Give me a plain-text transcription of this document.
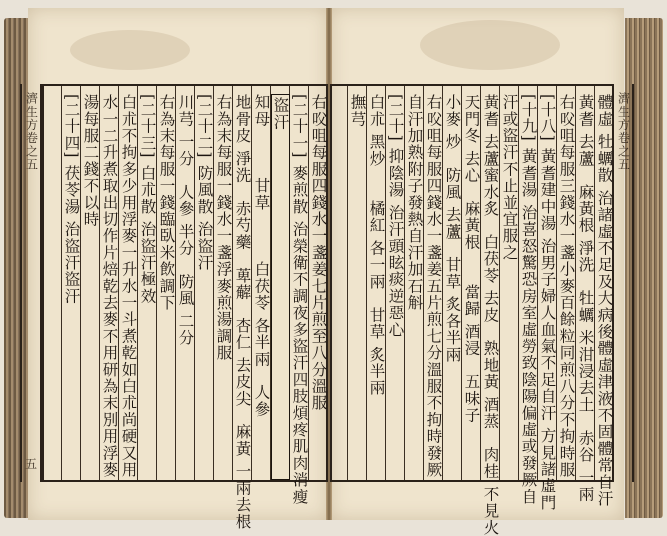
右㕮咀每服四錢水一盞姜七片煎至八分溫服
[二十一] 麥煎散 治榮衛不調夜多盜汗四肢煩疼肌肉消瘦
盜汗
知母　　　甘草　　　白茯苓 各半兩　人參
地骨皮 淨洗　赤芍藥　萆薢　杏仁 去皮尖　麻黃 一兩去根
右為末每服一錢水一盞浮麥煎湯調服
[二十二] 防風散 治盜汗
川芎 一分　人參 半分　防風 二分
右為末每服一錢臨臥米飲調下
[二十三] 白朮散 治盜汗極效
白朮不拘多少用浮麥一升水一斗煮乾如白朮尚硬又用
水一二升煮取出切作片焙乾去麥不用研為末別用浮麥
湯每服二錢不以時
[二十四] 茯苓湯 治盜汗盜汗
濟生方卷之五
五	體虛 牡蠣散 治諸虛不足及大病後體虛津液不固體常自汗
黃耆 去蘆　麻黃根 淨洗　牡蠣 米泔浸去土　赤谷 一兩
右㕮咀每服三錢水一盞小麥百餘粒同煎八分不拘時服
[十八] 黃耆建中湯 治男子婦人血氣不足自汗 方見諸虛門
[十九] 黃耆湯 治喜怒驚恐房室虛勞致陰陽偏虛或發厥自
汗或盜汗不止並宜服之
黃耆 去蘆蜜水炙　白茯苓 去皮　熟地黃 酒蒸　肉桂 不見火
天門冬 去心　麻黃根　　當歸 酒浸　五味子
小麥 炒　防風 去蘆　甘草 炙各半兩
右㕮咀每服四錢水一盞姜五片煎七分溫服不拘時發厥
自汗加熟附子發熱自汗加石斛
[二十] 抑陰湯 治汗頭眩痰逆惡心
白朮 黑炒　　橘紅 各一兩　甘草 炙半兩
撫芎	濟生方卷之五
